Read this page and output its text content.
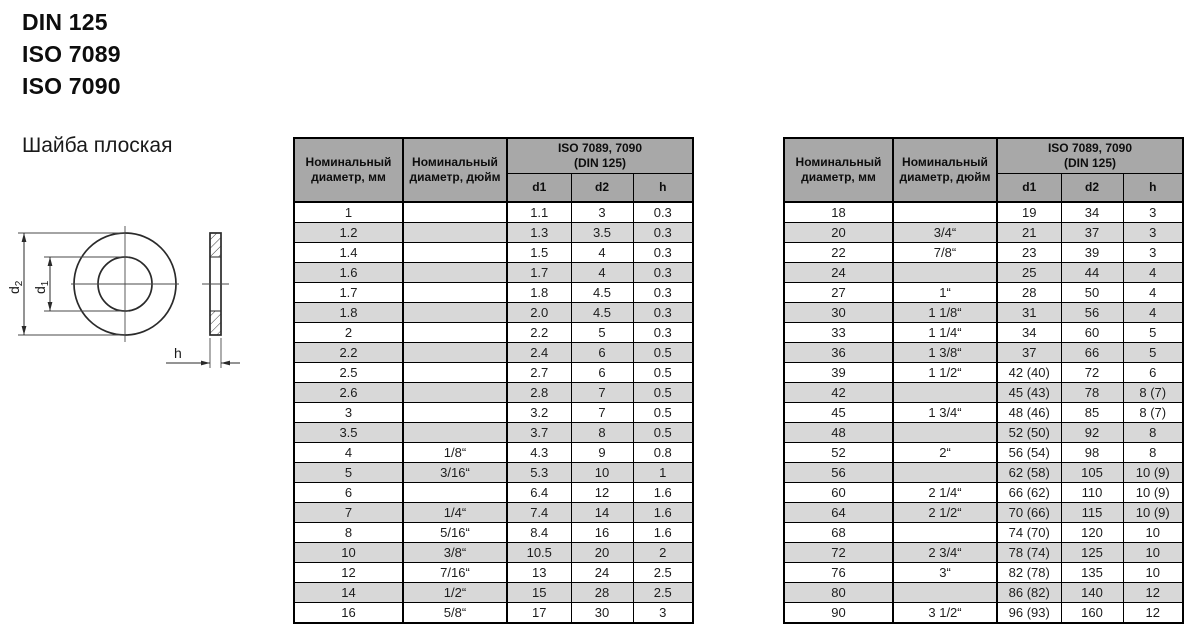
DIN 125
ISO 7089
ISO 7090
Шайба плоская
$d_2$
$d_1$
h
Номинальный диаметр, мм	Номинальный диаметр, дюйм	ISO 7089, 7090
(DIN 125)		

		d1	d2	h
1		1.1	3	0.3
1.2		1.3	3.5	0.3
1.4		1.5	4	0.3
1.6		1.7	4	0.3
1.7		1.8	4.5	0.3
1.8		2.0	4.5	0.3
2		2.2	5	0.3
2.2		2.4	6	0.5
2.5		2.7	6	0.5
2.6		2.8	7	0.5
3		3.2	7	0.5
3.5		3.7	8	0.5
4	1/8“	4.3	9	0.8
5	3/16“	5.3	10	1
6		6.4	12	1.6
7	1/4“	7.4	14	1.6
8	5/16“	8.4	16	1.6
10	3/8“	10.5	20	2
12	7/16“	13	24	2.5
14	1/2“	15	28	2.5
16	5/8“	17	30	3
Номинальный диаметр, мм	Номинальный диаметр, дюйм	ISO 7089, 7090
(DIN 125)		

		d1	d2	h
18		19	34	3
20	3/4“	21	37	3
22	7/8“	23	39	3
24		25	44	4
27	1“	28	50	4
30	1 1/8“	31	56	4
33	1 1/4“	34	60	5
36	1 3/8“	37	66	5
39	1 1/2“	42 (40)	72	6
42		45 (43)	78	8 (7)
45	1 3/4“	48 (46)	85	8 (7)
48		52 (50)	92	8
52	2“	56 (54)	98	8
56		62 (58)	105	10 (9)
60	2 1/4“	66 (62)	110	10 (9)
64	2 1/2“	70 (66)	115	10 (9)
68		74 (70)	120	10
72	2 3/4“	78 (74)	125	10
76	3“	82 (78)	135	10
80		86 (82)	140	12
90	3 1/2“	96 (93)	160	12
